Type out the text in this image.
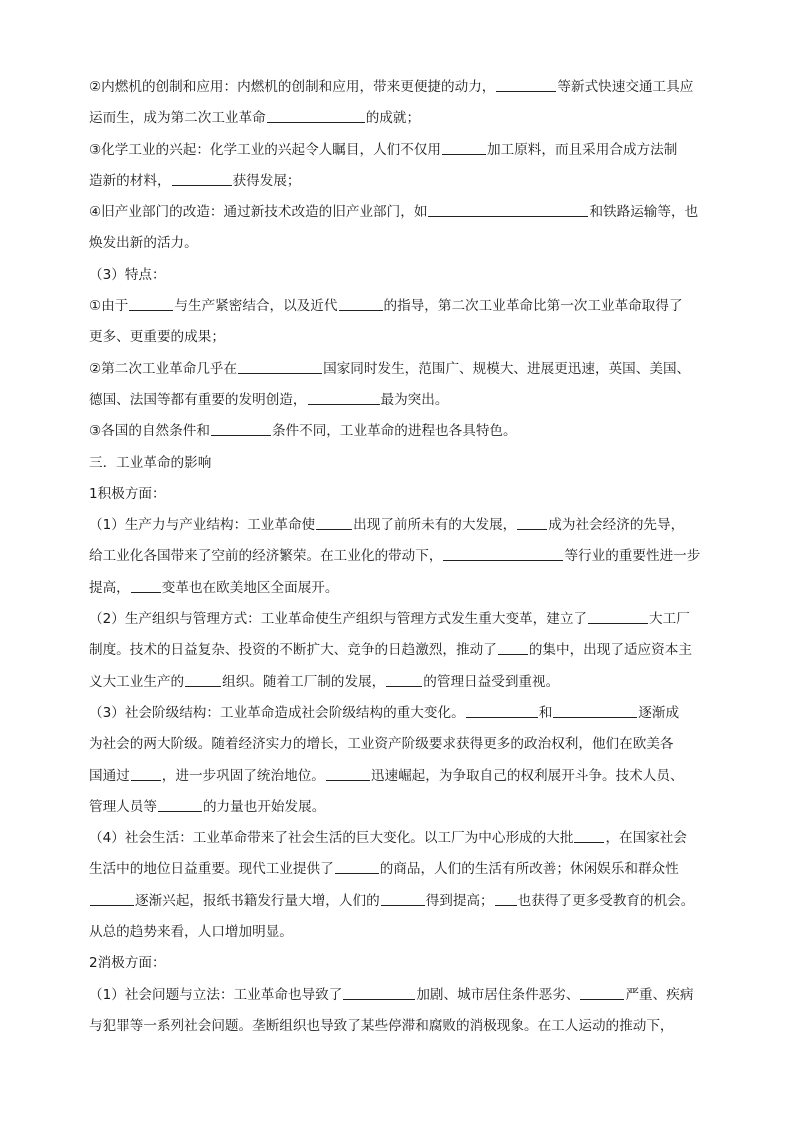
②内燃机的创制和应用：内燃机的创制和应用，带来更便捷的动力，	等新式快速交通工具应

运而生，成为第二次工业革命	的成就；

③化学工业的兴起：化学工业的兴起令人瞩目，人们不仅用	加工原料，而且采用合成方法制

造新的材料，	获得发展；

④旧产业部门的改造：通过新技术改造的旧产业部门，如	和铁路运输等，也

焕发出新的活力。

（3）特点：

①由于	与生产紧密结合，以及近代	的指导，第二次工业革命比第一次工业革命取得了

更多、更重要的成果；

②第二次工业革命几乎在	国家同时发生，范围广、规模大、进展更迅速，英国、美国、

德国、法国等都有重要的发明创造，	最为突出。

③各国的自然条件和	条件不同，工业革命的进程也各具特色。

三．工业革命的影响

1积极方面：

（1）生产力与产业结构：工业革命使	出现了前所未有的大发展， 成为社会经济的先导，

给工业化各国带来了空前的经济繁荣。在工业化的带动下，	等行业的重要性进一步

提高， 变革也在欧美地区全面展开。

（2）生产组织与管理方式：工业革命使生产组织与管理方式发生重大变革，建立了	大工厂

制度。技术的日益复杂、投资的不断扩大、竞争的日趋激烈，推动了 的集中，出现了适应资本主

义大工业生产的	组织。随着工厂制的发展，	的管理日益受到重视。

（3）社会阶级结构：工业革命造成社会阶级结构的重大变化。	和	逐渐成

为社会的两大阶级。随着经济实力的增长，工业资产阶级要求获得更多的政治权利，他们在欧美各

国通过 ，进一步巩固了统治地位。	迅速崛起，为争取自己的权利展开斗争。技术人员、

管理人员等	的力量也开始发展。

（4）社会生活：工业革命带来了社会生活的巨大变化。以工厂为中心形成的大批 ，在国家社会

生活中的地位日益重要。现代工业提供了	的商品，人们的生活有所改善；休闲娱乐和群众性

逐渐兴起，报纸书籍发行量大增，人们的	得到提高； 也获得了更多受教育的机会。

从总的趋势来看，人口增加明显。

2消极方面：

（1）社会问题与立法：工业革命也导致了	加剧、城市居住条件恶劣、	严重、疾病

与犯罪等一系列社会问题。垄断组织也导致了某些停滞和腐败的消极现象。在工人运动的推动下，
